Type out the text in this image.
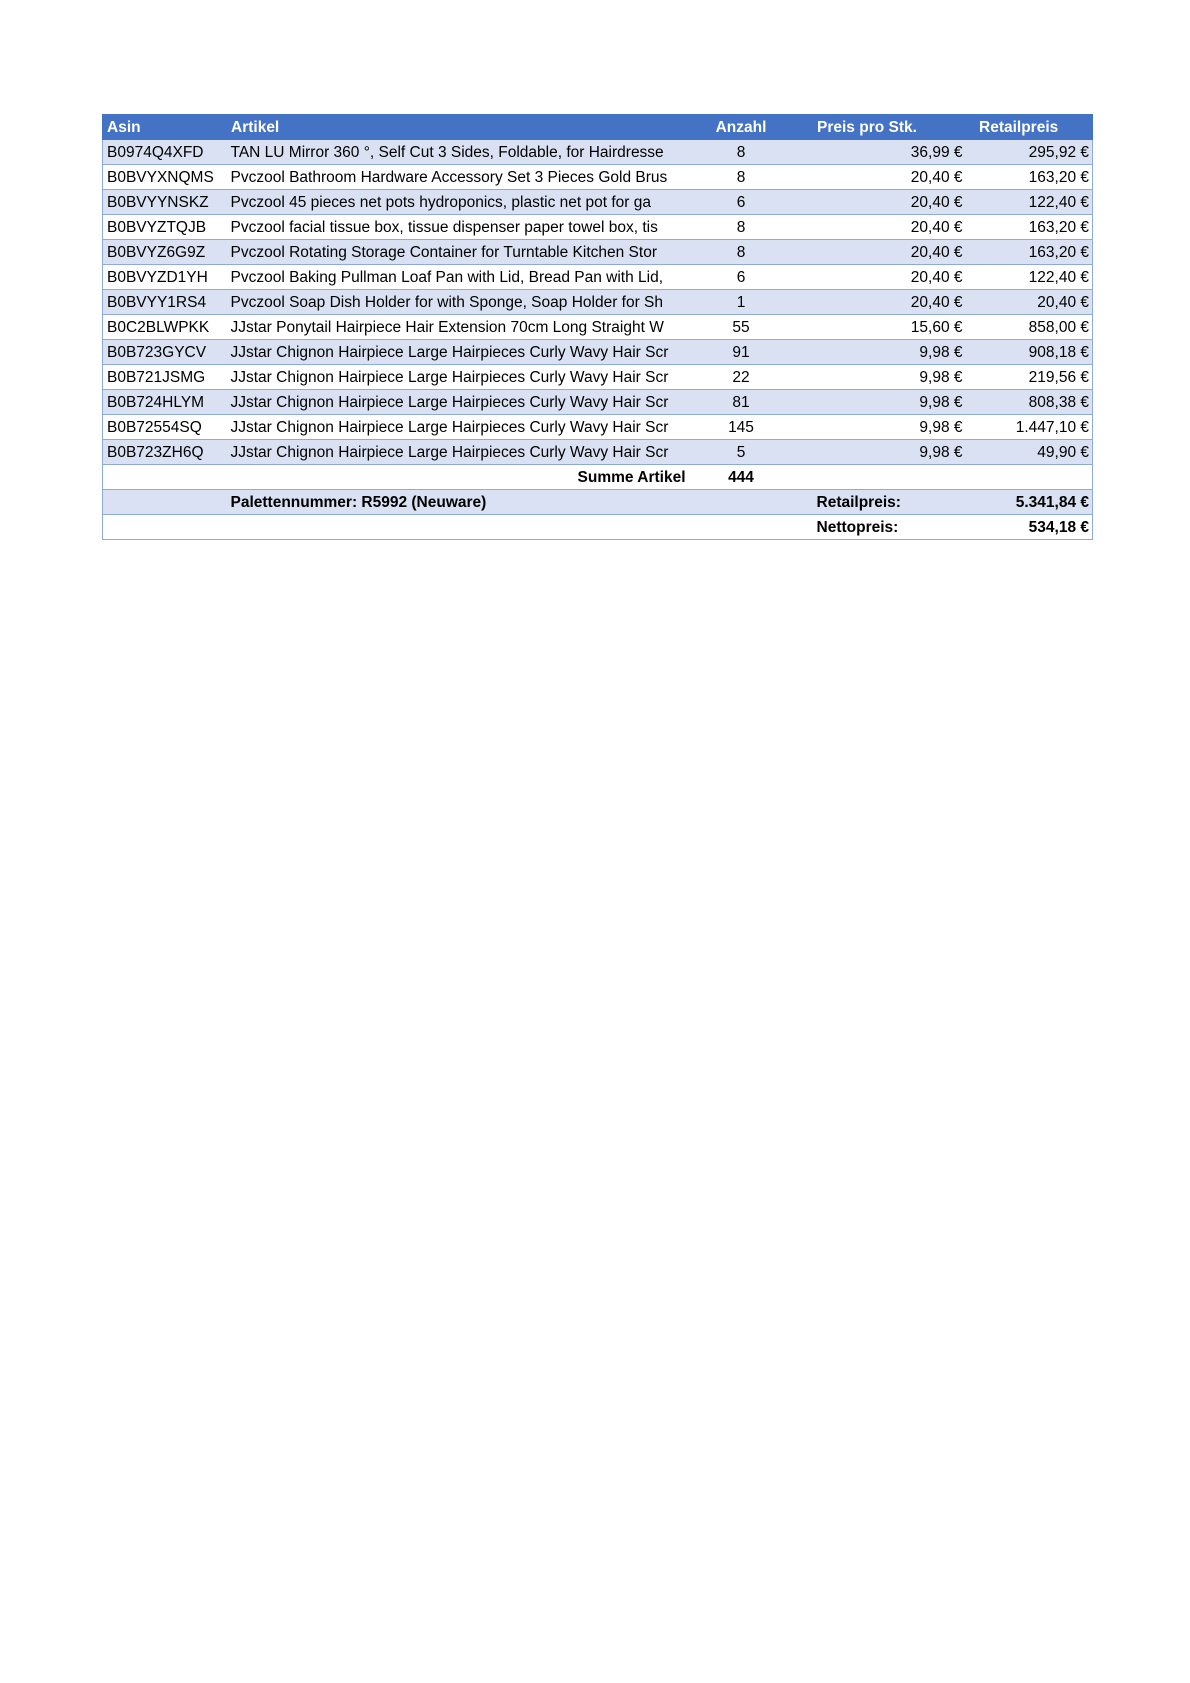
Asin	Artikel	Anzahl	Preis pro Stk.	Retailpreis
B0974Q4XFD	TAN LU Mirror 360 °, Self Cut 3 Sides, Foldable, for Hairdresse	8	36,99 €	295,92 €
B0BVYXNQMS	Pvczool Bathroom Hardware Accessory Set 3 Pieces Gold Brus	8	20,40 €	163,20 €
B0BVYYNSKZ	Pvczool 45 pieces net pots hydroponics, plastic net pot for ga	6	20,40 €	122,40 €
B0BVYZTQJB	Pvczool facial tissue box, tissue dispenser paper towel box, tis	8	20,40 €	163,20 €
B0BVYZ6G9Z	Pvczool Rotating Storage Container for Turntable Kitchen Stor	8	20,40 €	163,20 €
B0BVYZD1YH	Pvczool Baking Pullman Loaf Pan with Lid, Bread Pan with Lid,	6	20,40 €	122,40 €
B0BVYY1RS4	Pvczool Soap Dish Holder for with Sponge, Soap Holder for Sh	1	20,40 €	20,40 €
B0C2BLWPKK	JJstar Ponytail Hairpiece Hair Extension 70cm Long Straight W	55	15,60 €	858,00 €
B0B723GYCV	JJstar Chignon Hairpiece Large Hairpieces Curly Wavy Hair Scr	91	9,98 €	908,18 €
B0B721JSMG	JJstar Chignon Hairpiece Large Hairpieces Curly Wavy Hair Scr	22	9,98 €	219,56 €
B0B724HLYM	JJstar Chignon Hairpiece Large Hairpieces Curly Wavy Hair Scr	81	9,98 €	808,38 €
B0B72554SQ	JJstar Chignon Hairpiece Large Hairpieces Curly Wavy Hair Scr	145	9,98 €	1.447,10 €
B0B723ZH6Q	JJstar Chignon Hairpiece Large Hairpieces Curly Wavy Hair Scr	5	9,98 €	49,90 €
	Summe Artikel	444		
	Palettennummer: R5992 (Neuware)		Retailpreis:	5.341,84 €
			Nettopreis:	534,18 €
